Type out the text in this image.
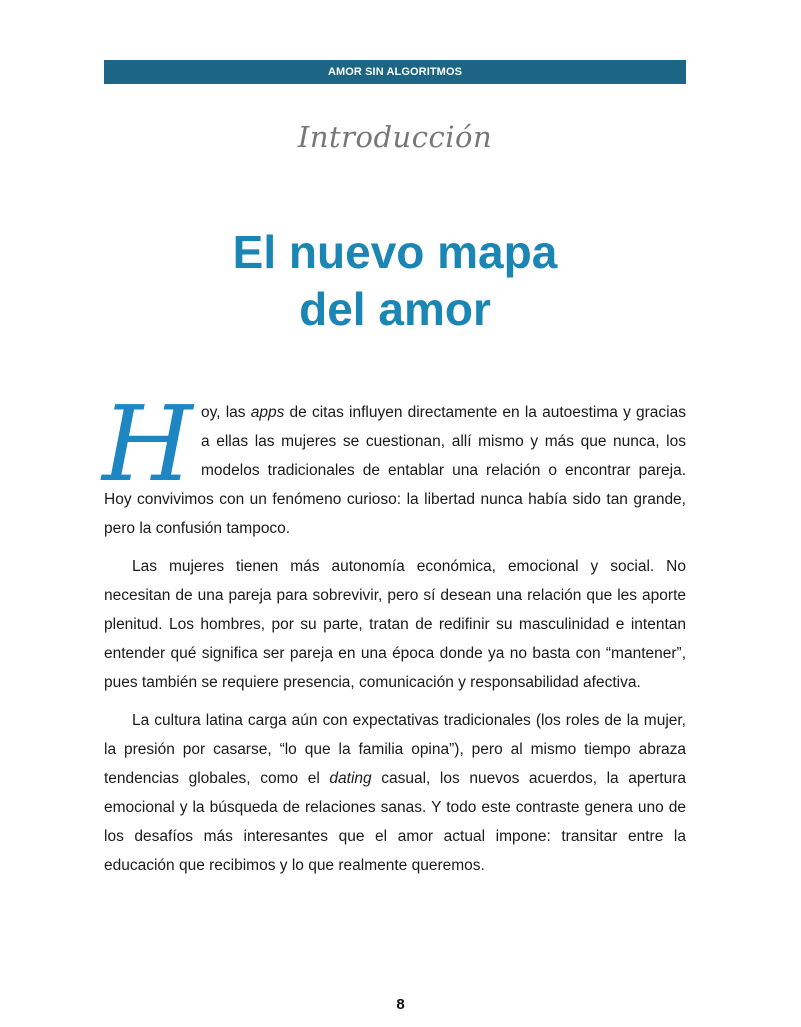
AMOR SIN ALGORITMOS
Introducción
El nuevo mapa
del amor

H oy, las apps de citas influyen directamente en la autoestima y gracias a ellas las mujeres se cuestionan, allí mismo y más que nunca, los modelos tradicionales de entablar una relación o encontrar pareja. Hoy convivimos con un fenómeno curioso: la libertad nunca había sido tan grande, pero la confusión tampoco.

Las mujeres tienen más autonomía económica, emocional y social. No necesitan de una pareja para sobrevivir, pero sí desean una relación que les aporte plenitud. Los hombres, por su parte, tratan de redifinir su masculinidad e intentan entender qué significa ser pareja en una época donde ya no basta con “mantener”, pues también se requiere presencia, comunicación y responsabilidad afectiva.

La cultura latina carga aún con expectativas tradicionales (los roles de la mujer, la presión por casarse, “lo que la familia opina”), pero al mismo tiempo abraza tendencias globales, como el dating casual, los nuevos acuerdos, la apertura emocional y la búsqueda de relaciones sanas. Y todo este contraste genera uno de los desafíos más interesantes que el amor actual impone: transitar entre la educación que recibimos y lo que realmente queremos.

8
